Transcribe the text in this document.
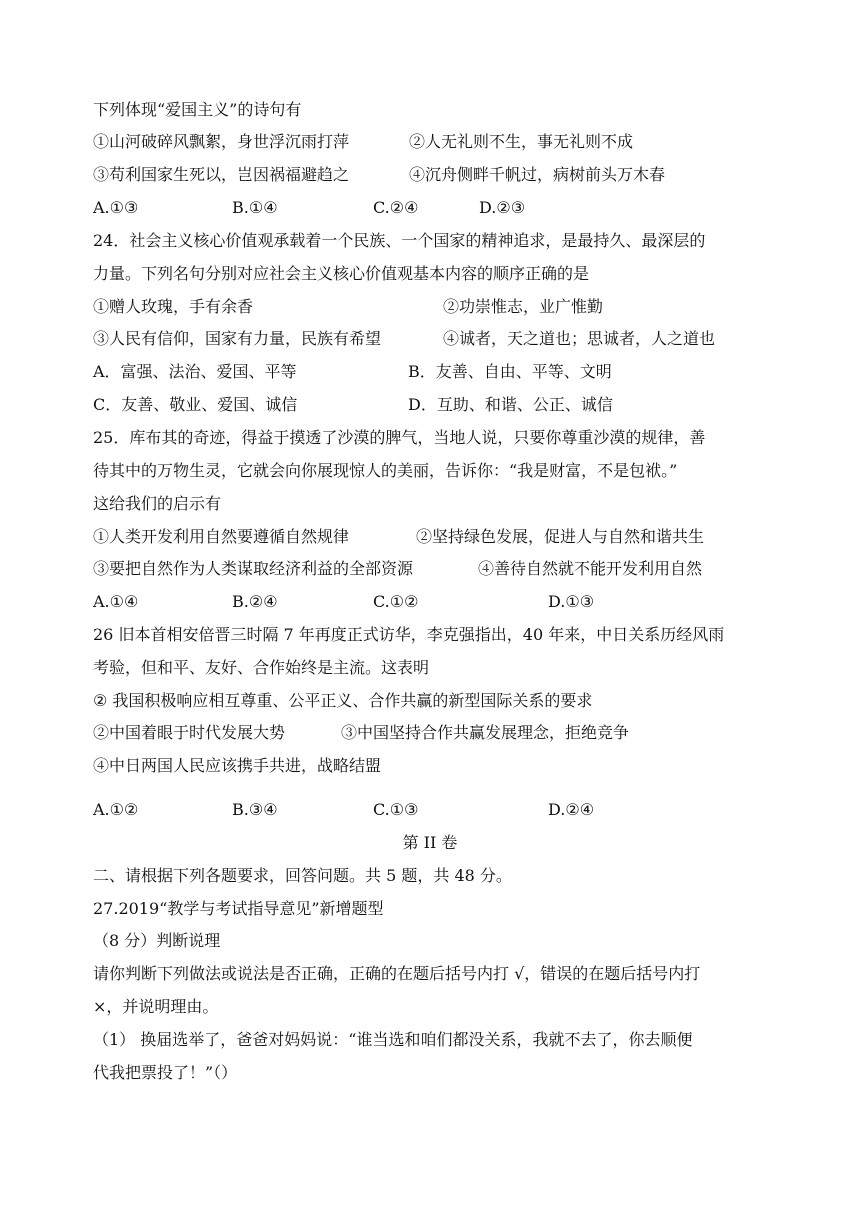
下列体现“爱国主义”的诗句有
①山河破碎风飘絮，身世浮沉雨打萍	②人无礼则不生，事无礼则不成
③苟利国家生死以，岂因祸福避趋之	④沉舟侧畔千帆过，病树前头万木春
A.①③	B.①④	C.②④	D.②③
24．社会主义核心价值观承载着一个民族、一个国家的精神追求，是最持久、最深层的
力量。下列名句分别对应社会主义核心价值观基本内容的顺序正确的是
①赠人玫瑰，手有余香	②功崇惟志，业广惟勤
③人民有信仰，国家有力量，民族有希望	④诚者，天之道也；思诚者，人之道也
A．富强、法治、爱国、平等	B．友善、自由、平等、文明
C．友善、敬业、爱国、诚信	D．互助、和谐、公正、诚信
25．库布其的奇迹，得益于摸透了沙漠的脾气，当地人说，只要你尊重沙漠的规律，善
待其中的万物生灵，它就会向你展现惊人的美丽，告诉你：“我是财富，不是包袱。”
这给我们的启示有
①人类开发利用自然要遵循自然规律	②坚持绿色发展，促进人与自然和谐共生
③要把自然作为人类谋取经济利益的全部资源	④善待自然就不能开发利用自然
A.①④	B.②④	C.①②	D.①③
26 旧本首相安倍晋三时隔 7 年再度正式访华，李克强指出，40 年来，中日关系历经风雨
考验，但和平、友好、合作始终是主流。这表明
② 我国积极响应相互尊重、公平正义、合作共赢的新型国际关系的要求
②中国着眼于时代发展大势	③中国坚持合作共赢发展理念，拒绝竞争
④中日两国人民应该携手共进，战略结盟
A.①②	B.③④	C.①③	D.②④
第 II 卷
二、请根据下列各题要求，回答问题。共 5 题，共 48 分。
27.2019“教学与考试指导意见”新增题型
（8 分）判断说理
请你判断下列做法或说法是否正确，正确的在题后括号内打 √，错误的在题后括号内打
×，并说明理由。
（1） 换届选举了，爸爸对妈妈说：“谁当选和咱们都没关系，我就不去了，你去顺便
代我把票投了！”（）
